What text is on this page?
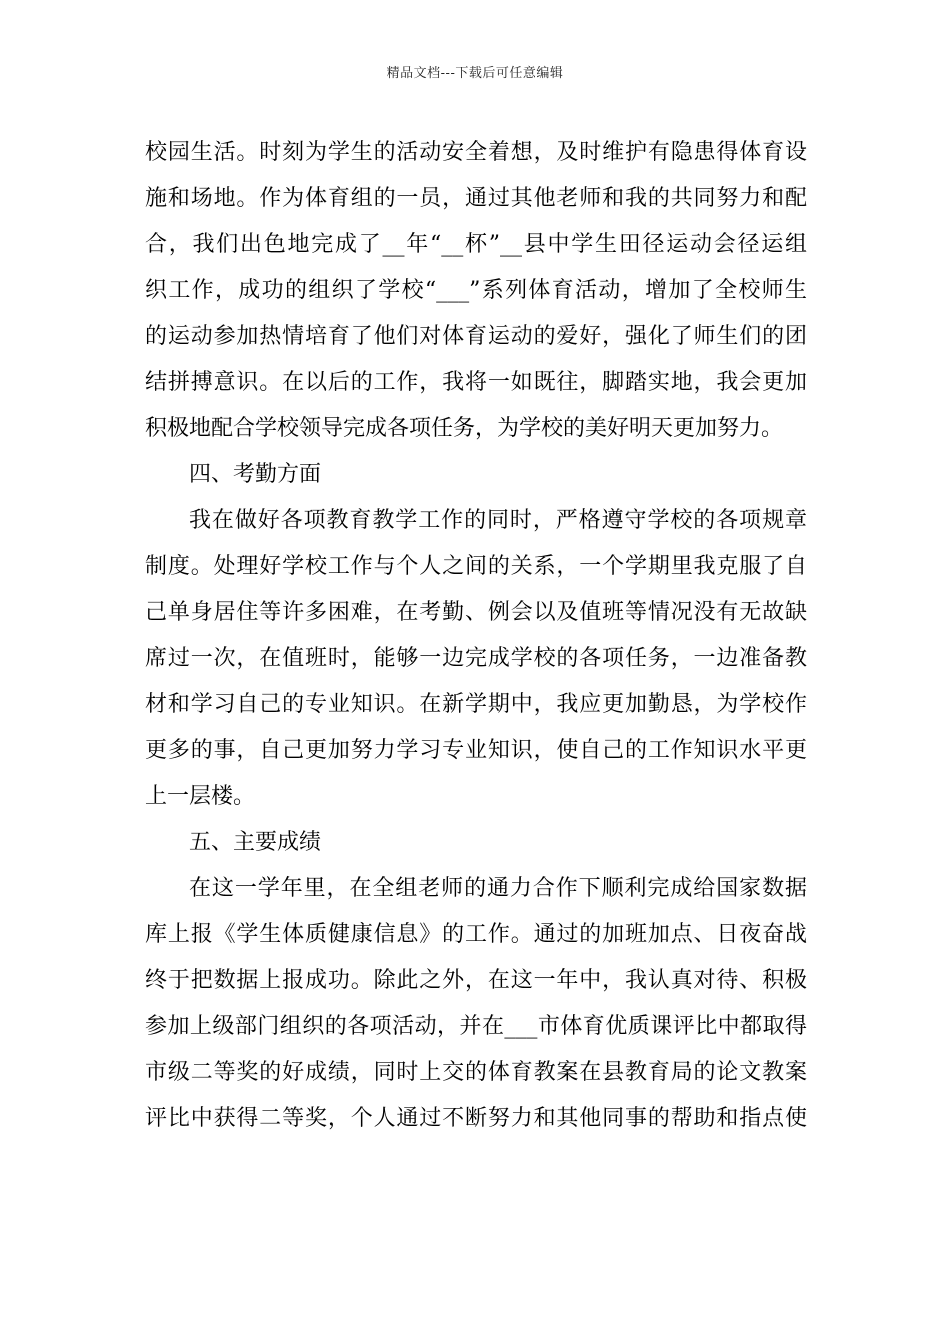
精品文档---下载后可任意编辑
校园生活。时刻为学生的活动安全着想，及时维护有隐患得体育设
施和场地。作为体育组的一员，通过其他老师和我的共同努力和配
合，我们出色地完成了__年“__杯”__县中学生田径运动会径运组
织工作，成功的组织了学校“___”系列体育活动，增加了全校师生
的运动参加热情培育了他们对体育运动的爱好，强化了师生们的团
结拼搏意识。在以后的工作，我将一如既往，脚踏实地，我会更加
积极地配合学校领导完成各项任务，为学校的美好明天更加努力。
四、考勤方面
我在做好各项教育教学工作的同时，严格遵守学校的各项规章
制度。处理好学校工作与个人之间的关系，一个学期里我克服了自
己单身居住等许多困难，在考勤、例会以及值班等情况没有无故缺
席过一次，在值班时，能够一边完成学校的各项任务，一边准备教
材和学习自己的专业知识。在新学期中，我应更加勤恳，为学校作
更多的事，自己更加努力学习专业知识，使自己的工作知识水平更
上一层楼。
五、主要成绩
在这一学年里，在全组老师的通力合作下顺利完成给国家数据
库上报《学生体质健康信息》的工作。通过的加班加点、日夜奋战
终于把数据上报成功。除此之外，在这一年中，我认真对待、积极
参加上级部门组织的各项活动，并在___市体育优质课评比中都取得
市级二等奖的好成绩，同时上交的体育教案在县教育局的论文教案
评比中获得二等奖，个人通过不断努力和其他同事的帮助和指点使
